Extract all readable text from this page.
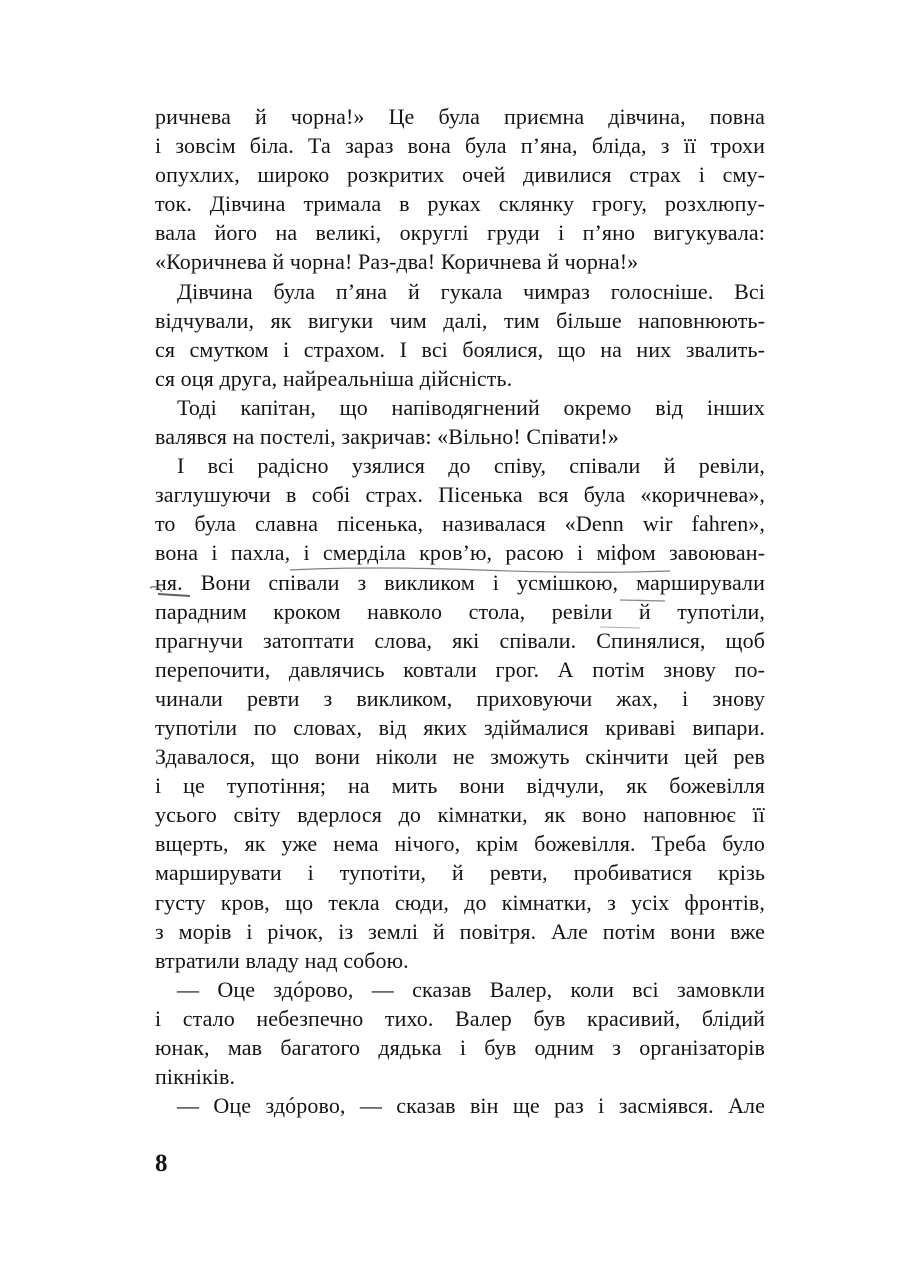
ричнева й чорна!» Це була приємна дівчина, повна
і зовсім біла. Та зараз вона була п’яна, бліда, з її трохи
опухлих, широко розкритих очей дивилися страх і сму-
ток. Дівчина тримала в руках склянку грогу, розхлюпу-
вала його на великі, округлі груди і п’яно вигукувала:
«Коричнева й чорна! Раз-два! Коричнева й чорна!»
Дівчина була п’яна й гукала чимраз голосніше. Всі
відчували, як вигуки чим далі, тим більше наповнюють-
ся смутком і страхом. І всі боялися, що на них звалить-
ся оця друга, найреальніша дійсність.
Тоді капітан, що напіводягнений окремо від інших
валявся на постелі, закричав: «Вільно! Співати!»
І всі радісно узялися до співу, співали й ревіли,
заглушуючи в собі страх. Пісенька вся була «коричнева»,
то була славна пісенька, називалася «Denn wir fahren»,
вона і пахла, і смерділа кров’ю, расою і міфом завоюван-
ня. Вони співали з викликом і усмішкою, марширували
парадним кроком навколо стола, ревіли й тупотіли,
прагнучи затоптати слова, які співали. Спинялися, щоб
перепочити, давлячись ковтали грог. А потім знову по-
чинали ревти з викликом, приховуючи жах, і знову
тупотіли по словах, від яких здіймалися криваві випари.
Здавалося, що вони ніколи не зможуть скінчити цей рев
і це тупотіння; на мить вони відчули, як божевілля
усього світу вдерлося до кімнатки, як воно наповнює її
вщерть, як уже нема нічого, крім божевілля. Треба було
марширувати і тупотіти, й ревти, пробиватися крізь
густу кров, що текла сюди, до кімнатки, з усіх фронтів,
з морів і річок, із землі й повітря. Але потім вони вже
втратили владу над собою.
— Оце здóрово, — сказав Валер, коли всі замовкли
і стало небезпечно тихо. Валер був красивий, блідий
юнак, мав багатого дядька і був одним з організаторів
пікніків.
— Оце здóрово, — сказав він ще раз і засміявся. Але
8
